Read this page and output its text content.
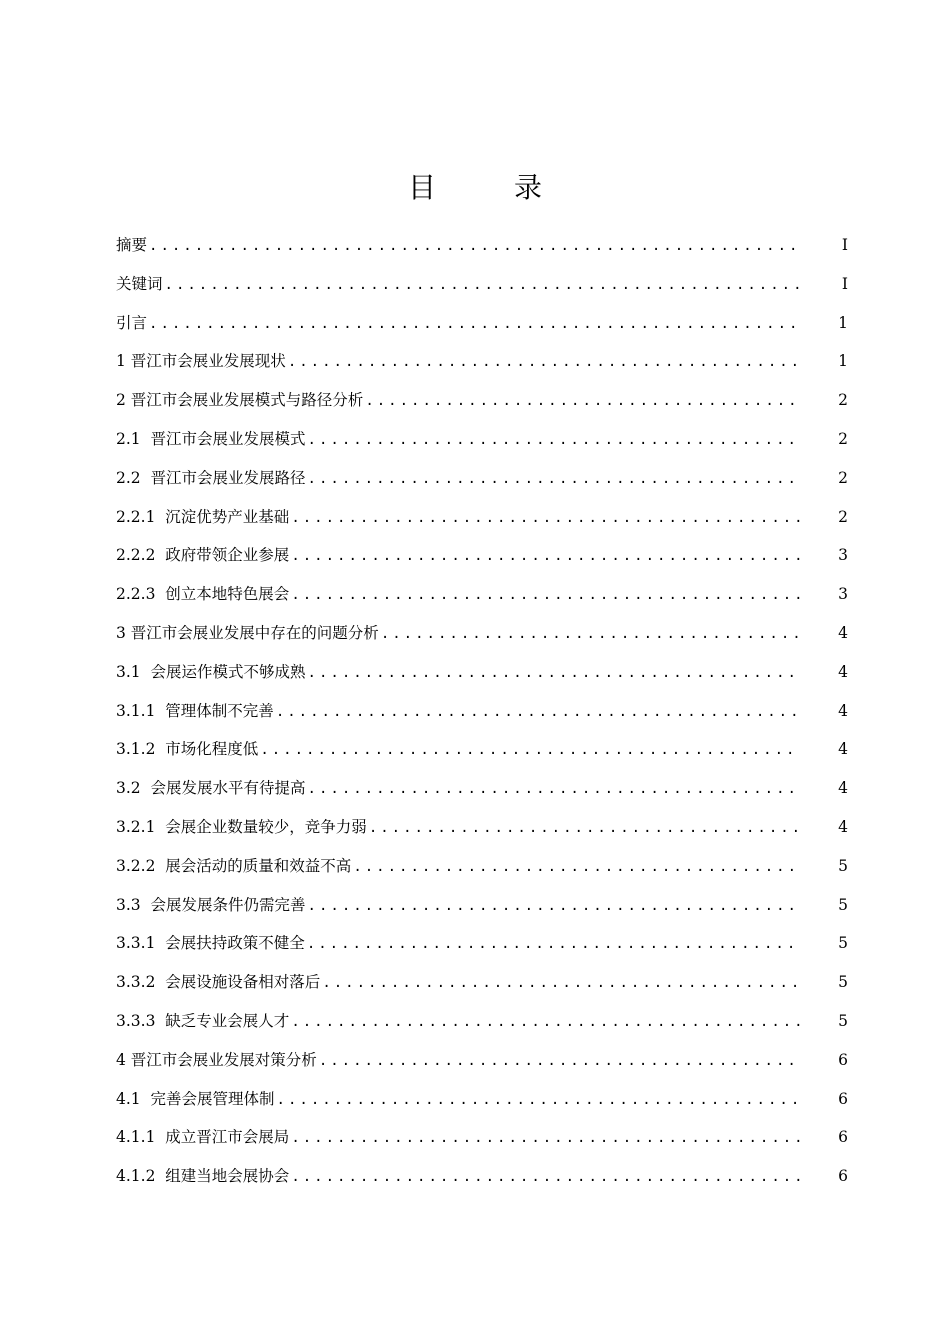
目	录
摘要 .....	I
关键词 .....	I
引言 .....	1
1 晋江市会展业发展现状 .....	1
2 晋江市会展业发展模式与路径分析 .....	2
2.1  晋江市会展业发展模式 .....	2
2.2  晋江市会展业发展路径 .....	2
2.2.1  沉淀优势产业基础 .....	2
2.2.2  政府带领企业参展 .....	3
2.2.3  创立本地特色展会 .....	3
3 晋江市会展业发展中存在的问题分析 .....	4
3.1  会展运作模式不够成熟 .....	4
3.1.1  管理体制不完善 .....	4
3.1.2  市场化程度低 .....	4
3.2  会展发展水平有待提高 .....	4
3.2.1  会展企业数量较少，竞争力弱 .....	4
3.2.2  展会活动的质量和效益不高 .....	5
3.3  会展发展条件仍需完善 .....	5
3.3.1  会展扶持政策不健全 .....	5
3.3.2  会展设施设备相对落后 .....	5
3.3.3  缺乏专业会展人才 .....	5
4 晋江市会展业发展对策分析 .....	6
4.1  完善会展管理体制 .....	6
4.1.1  成立晋江市会展局 .....	6
4.1.2  组建当地会展协会 .....	6
